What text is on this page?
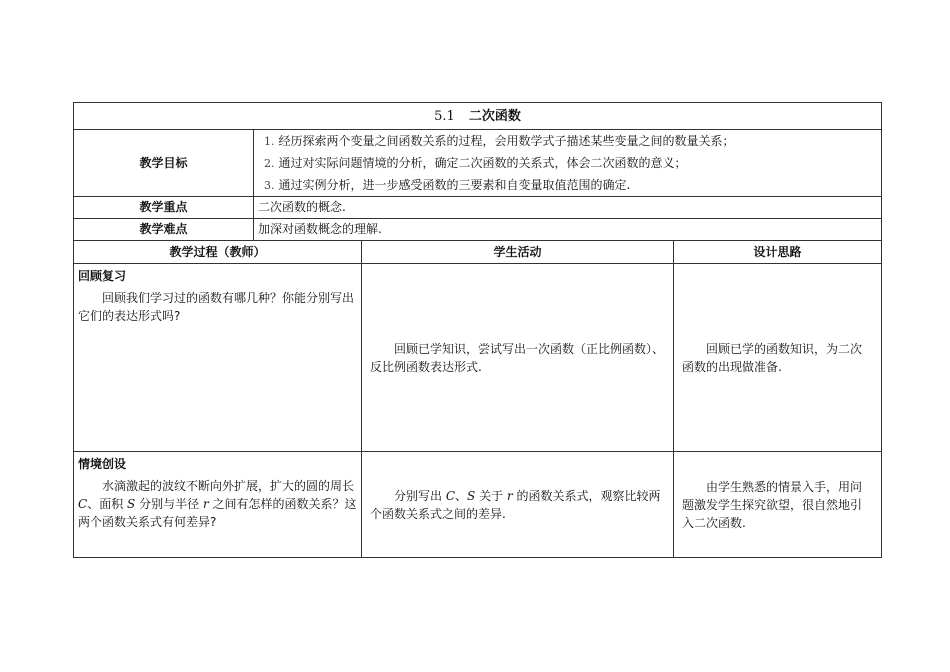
5.1 二次函数			
教学目标	1. 经历探索两个变量之间函数关系的过程，会用数学式子描述某些变量之间的数量关系；
2. 通过对实际问题情境的分析，确定二次函数的关系式，体会二次函数的意义；
3. 通过实例分析，进一步感受函数的三要素和自变量取值范围的确定.		

教学重点	二次函数的概念.		
教学难点	加深对函数概念的理解.		
教学过程（教师）		学生活动	设计思路

回顾复习

回顾我们学习过的函数有哪几种？你能分别写出它们的表达形式吗?		回顾已学知识，尝试写出一次函数（正比例函数）、反比例函数表达形式.	回顾已学的函数知识，为二次函数的出现做准备.

情境创设

水滴激起的波纹不断向外扩展，扩大的圆的周长 C、面积 S 分别与半径 r 之间有怎样的函数关系？这两个函数关系式有何差异?		分别写出 C、S 关于 r 的函数关系式，观察比较两个函数关系式之间的差异.	由学生熟悉的情景入手，用问题激发学生探究欲望，很自然地引入二次函数.
